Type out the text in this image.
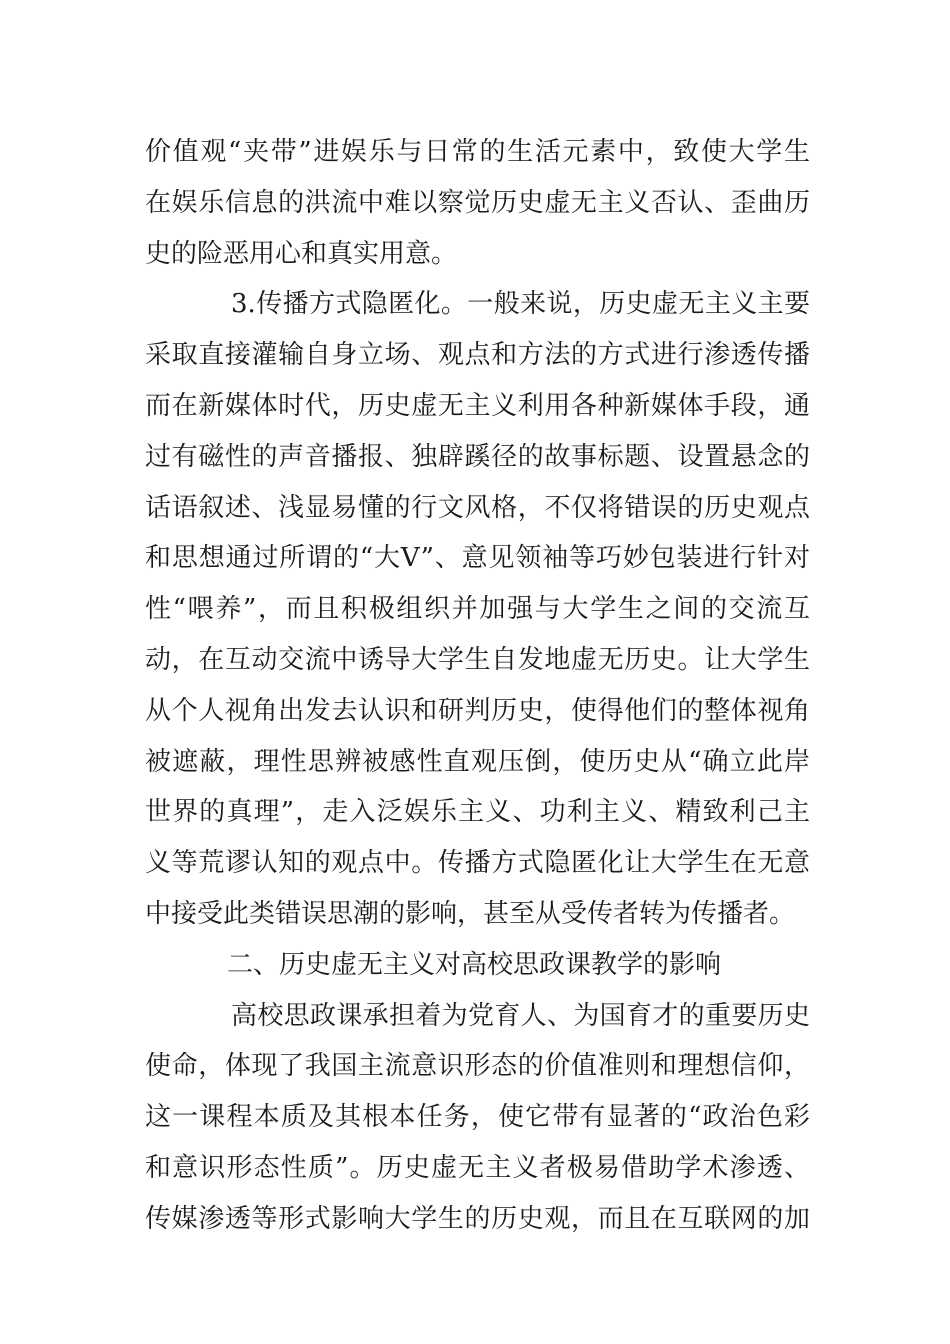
价值观“夹带”进娱乐与日常的生活元素中，致使大学生
在娱乐信息的洪流中难以察觉历史虚无主义否认、歪曲历
史的险恶用心和真实用意。
3.传播方式隐匿化。一般来说，历史虚无主义主要
采取直接灌输自身立场、观点和方法的方式进行渗透传播
而在新媒体时代，历史虚无主义利用各种新媒体手段，通
过有磁性的声音播报、独辟蹊径的故事标题、设置悬念的
话语叙述、浅显易懂的行文风格，不仅将错误的历史观点
和思想通过所谓的“大V”、意见领袖等巧妙包装进行针对
性“喂养”，而且积极组织并加强与大学生之间的交流互
动，在互动交流中诱导大学生自发地虚无历史。让大学生
从个人视角出发去认识和研判历史，使得他们的整体视角
被遮蔽，理性思辨被感性直观压倒，使历史从“确立此岸
世界的真理”，走入泛娱乐主义、功利主义、精致利己主
义等荒谬认知的观点中。传播方式隐匿化让大学生在无意
中接受此类错误思潮的影响，甚至从受传者转为传播者。
二、历史虚无主义对高校思政课教学的影响
高校思政课承担着为党育人、为国育才的重要历史
使命，体现了我国主流意识形态的价值准则和理想信仰，
这一课程本质及其根本任务，使它带有显著的“政治色彩
和意识形态性质”。历史虚无主义者极易借助学术渗透、
传媒渗透等形式影响大学生的历史观，而且在互联网的加
